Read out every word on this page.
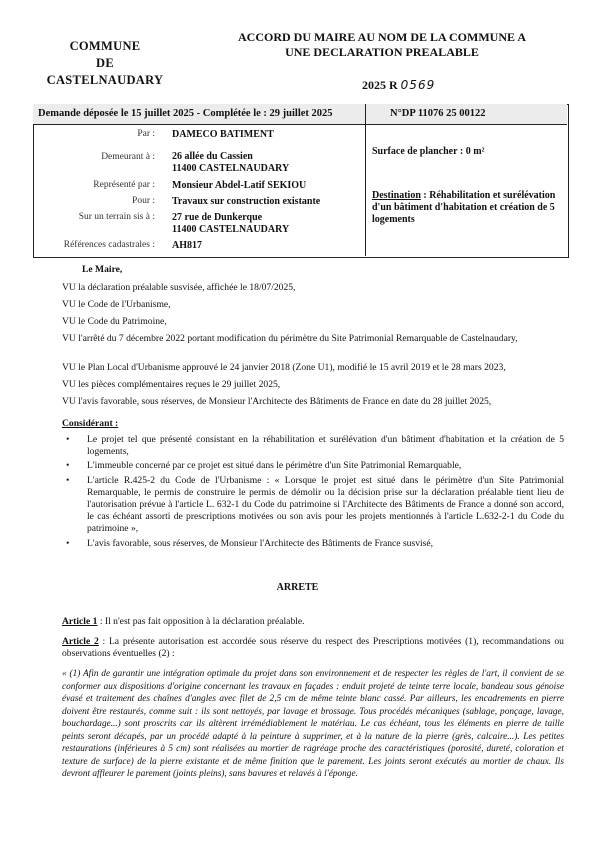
COMMUNE
DE
CASTELNAUDARY
ACCORD DU MAIRE AU NOM DE LA COMMUNE A
UNE DECLARATION PREALABLE
2025 R 0569
Demande déposée le 15 juillet 2025 - Complétée le : 29 juillet 2025	N°DP 11076 25 00122
Par : DAMECO BATIMENT
Demeurant à : 26 allée du Cassien
11400 CASTELNAUDARY
Représenté par : Monsieur Abdel-Latif SEKIOU
Pour : Travaux sur construction existante
Sur un terrain sis à : 27 rue de Dunkerque
11400 CASTELNAUDARY
Références cadastrales : AH817
Surface de plancher : 0 m²
Destination : Réhabilitation et surélévation d'un bâtiment d'habitation et création de 5 logements
Le Maire,
VU la déclaration préalable susvisée, affichée le 18/07/2025,
VU le Code de l'Urbanisme,
VU le Code du Patrimoine,
VU l'arrêté du 7 décembre 2022 portant modification du périmètre du Site Patrimonial Remarquable de Castelnaudary,
VU le Plan Local d'Urbanisme approuvé le 24 janvier 2018 (Zone U1), modifié le 15 avril 2019 et le 28 mars 2023,
VU les pièces complémentaires reçues le 29 juillet 2025,
VU l'avis favorable, sous réserves, de Monsieur l'Architecte des Bâtiments de France en date du 28 juillet 2025,
Considérant :
• Le projet tel que présenté consistant en la réhabilitation et surélévation d'un bâtiment d'habitation et la création de 5 logements,
• L'immeuble concerné par ce projet est situé dans le périmètre d'un Site Patrimonial Remarquable,
• L'article R.425-2 du Code de l'Urbanisme : « Lorsque le projet est situé dans le périmètre d'un Site Patrimonial Remarquable, le permis de construire le permis de démolir ou la décision prise sur la déclaration préalable tient lieu de l'autorisation prévue à l'article L. 632-1 du Code du patrimoine si l'Architecte des Bâtiments de France a donné son accord, le cas échéant assorti de prescriptions motivées ou son avis pour les projets mentionnés à l'article L.632-2-1 du Code du patrimoine »,
• L'avis favorable, sous réserves, de Monsieur l'Architecte des Bâtiments de France susvisé,
ARRETE
Article 1 : Il n'est pas fait opposition à la déclaration préalable.
Article 2 : La présente autorisation est accordée sous réserve du respect des Prescriptions motivées (1), recommandations ou observations éventuelles (2) :
« (1) Afin de garantir une intégration optimale du projet dans son environnement et de respecter les règles de l'art, il convient de se conformer aux dispositions d'origine concernant les travaux en façades : enduit projeté de teinte terre locale, bandeau sous génoise évasé et traitement des chaînes d'angles avec filet de 2,5 cm de même teinte blanc cassé. Par ailleurs, les encadrements en pierre doivent être restaurés, comme suit : ils sont nettoyés, par lavage et brossage. Tous procédés mécaniques (sablage, ponçage, lavage, bouchardage...) sont proscrits car ils altèrent irrémédiablement le matériau. Le cas échéant, tous les éléments en pierre de taille peints seront décapés, par un procédé adapté à la peinture à supprimer, et à la nature de la pierre (grès, calcaire...). Les petites restaurations (inférieures à 5 cm) sont réalisées au mortier de ragréage proche des caractéristiques (porosité, dureté, coloration et texture de surface) de la pierre existante et de même finition que le parement. Les joints seront exécutés au mortier de chaux. Ils devront affleurer le parement (joints pleins), sans bavures et relavés à l'éponge.
